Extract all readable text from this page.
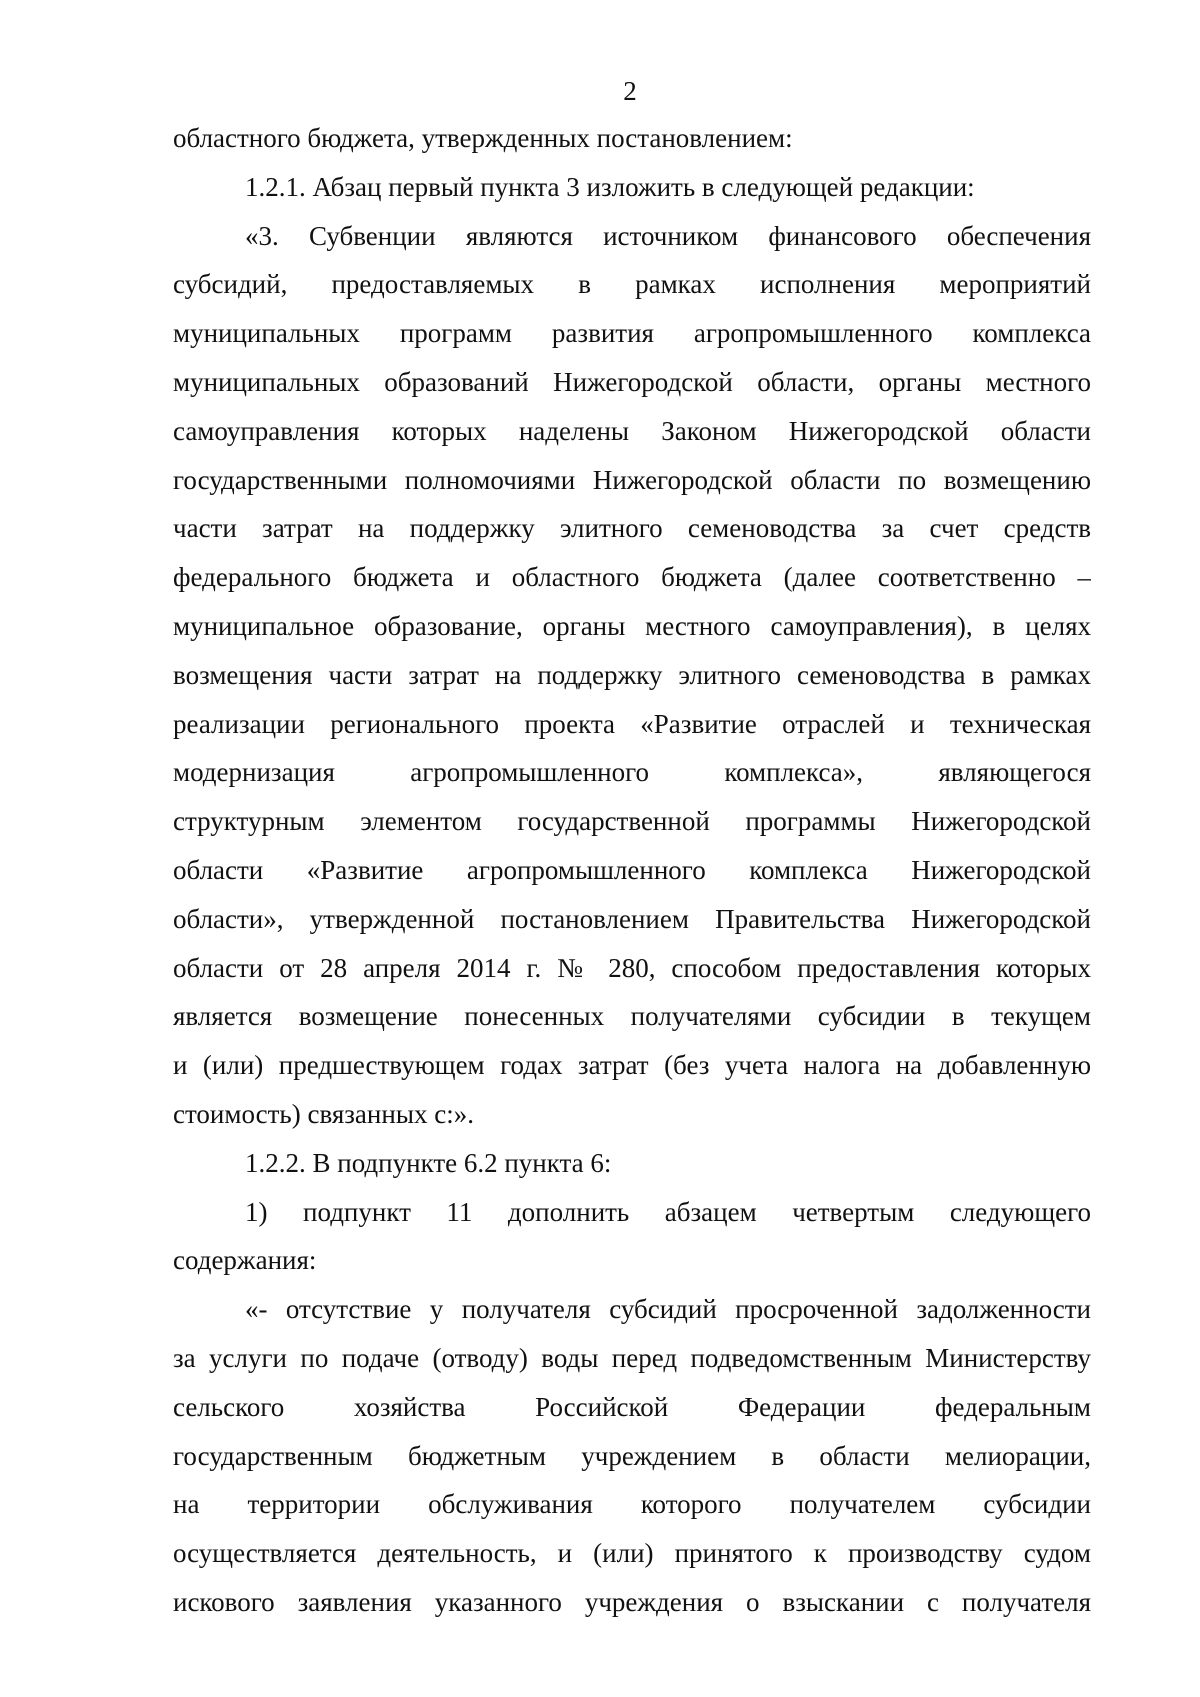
2
областного бюджета, утвержденных постановлением:
1.2.1. Абзац первый пункта 3 изложить в следующей редакции:
«3. Субвенции являются источником финансового обеспечения
субсидий, предоставляемых в рамках исполнения мероприятий
муниципальных программ развития агропромышленного комплекса
муниципальных образований Нижегородской области, органы местного
самоуправления которых наделены Законом Нижегородской области
государственными полномочиями Нижегородской области по возмещению
части затрат на поддержку элитного семеноводства за счет средств
федерального бюджета и областного бюджета (далее соответственно –
муниципальное образование, органы местного самоуправления), в целях
возмещения части затрат на поддержку элитного семеноводства в рамках
реализации регионального проекта «Развитие отраслей и техническая
модернизация агропромышленного комплекса», являющегося
структурным элементом государственной программы Нижегородской
области «Развитие агропромышленного комплекса Нижегородской
области», утвержденной постановлением Правительства Нижегородской
области от 28 апреля 2014 г. № 280, способом предоставления которых
является возмещение понесенных получателями субсидии в текущем
и (или) предшествующем годах затрат (без учета налога на добавленную
стоимость) связанных с:».
1.2.2. В подпункте 6.2 пункта 6:
1) подпункт 11 дополнить абзацем четвертым следующего
содержания:
«- отсутствие у получателя субсидий просроченной задолженности
за услуги по подаче (отводу) воды перед подведомственным Министерству
сельского хозяйства Российской Федерации федеральным
государственным бюджетным учреждением в области мелиорации,
на территории обслуживания которого получателем субсидии
осуществляется деятельность, и (или) принятого к производству судом
искового заявления указанного учреждения о взыскании с получателя
